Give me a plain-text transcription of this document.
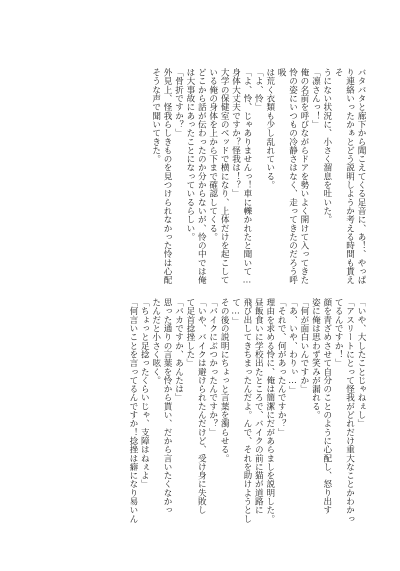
バタバタと廊下から聞こえてくる足音に、あ！、やっぱ
り連絡いったかぁとどう説明しようか考える時間も貰えそ
うにない状況に、小さく溜息を吐いた。
「凛さんっ！」
俺の名前を呼びながらドアを勢いよく開けて入ってきた
怜の姿にいつもの冷静さはなく、走ってきたのだろう呼吸
は荒く衣類も少し乱れている。
「よ、怜」
「よ、怜、じゃありませんっ！車に轢かれたと聞いて…
身体大丈夫ですか？怪我は！？」
大学の保健室のベッドで横になり、上体だけを起こして
いる俺の身体を上から下まで確認してくる。
どこから話が伝わったのか分からないが、怜の中では俺
は大事故にあったことになっているらしい。
「骨折ですか？」
外見上、怪我らしきものを見つけられなかった怜は心配
そうな声で聞いてきた。
「いや、大したことじゃねぇし」
「アスリートにとって怪我がどれだけ重大なことかわかっ
てるんですか！」
顔を青ざめさせて自分のことのように心配し、怒り出す
姿に俺は思わず笑みが漏れる。
「何が面白いんですか」
「あ、いや、わりぃ…」
「それで、何があったんですか？」
理由を求める怜に、俺は簡潔にだがあらましを説明した。
昼飯食いに学校出たところで、バイクの前に猫が道路に
飛び出してきちまったんだよ。んで、それを助けようとし
て…」
その後の説明にちょっと言葉を濁らせる。
「バイクにぶつかったんですか？」
「いや、バイクは避けられたんだけど、受け身に失敗し
て足首捻挫した」
「バカですか、あんたは」
思った通りの言葉を怜から貰い、だから言いたくなかっ
たんだと小さく呟く。
「ちょっと足捻ったくらいじゃ、支障はねぇよ」
「何言いことを言ってるんですか！捻挫は癖になり易いん
